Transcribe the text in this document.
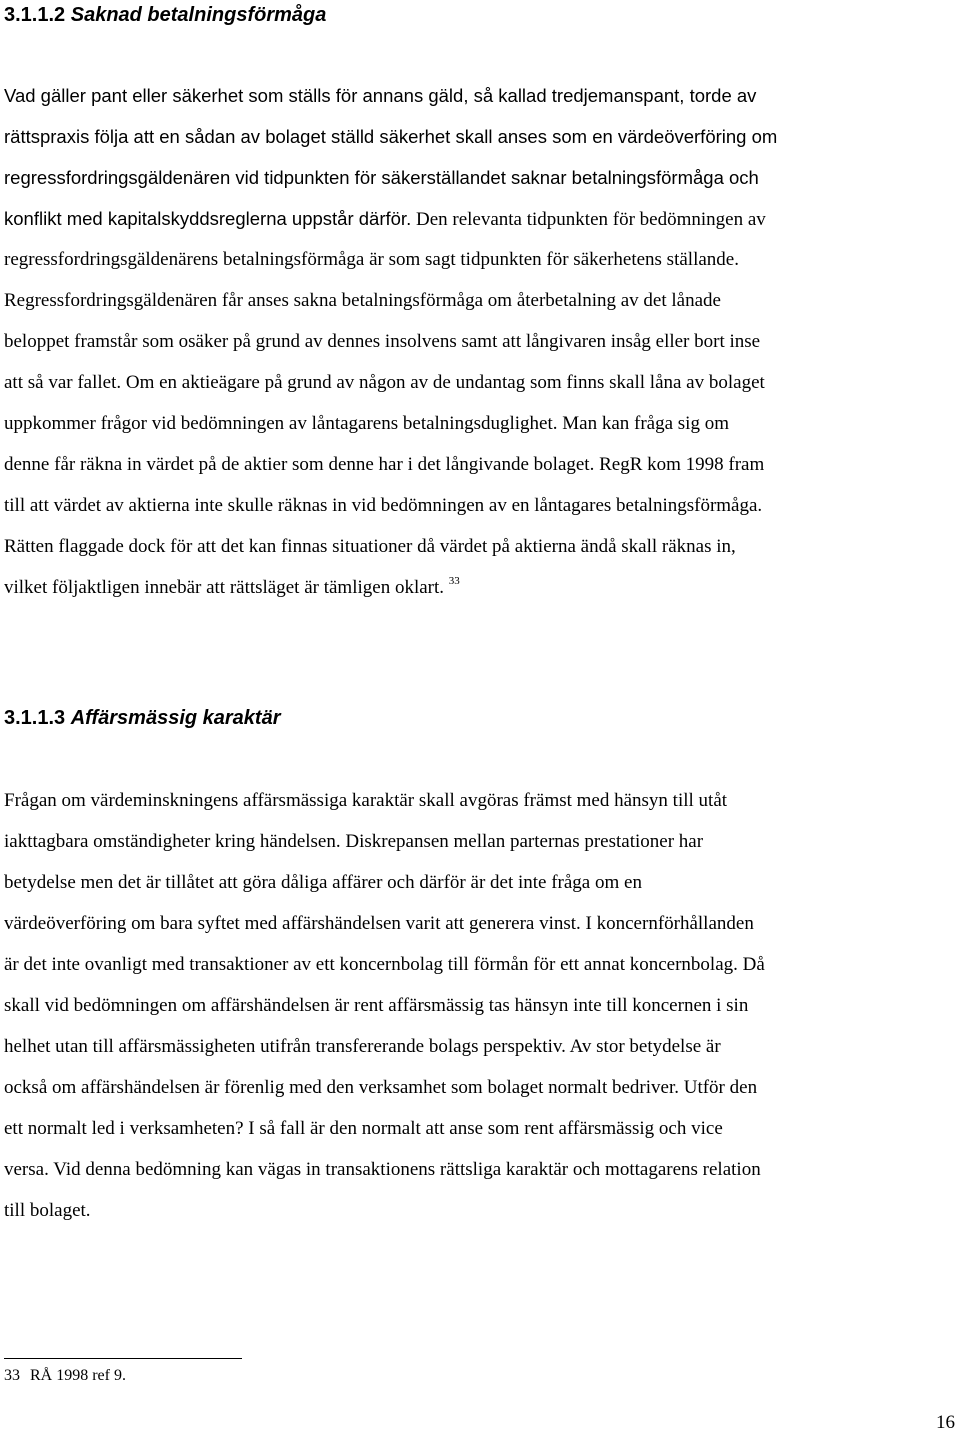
3.1.1.2 Saknad betalningsförmåga
Vad gäller pant eller säkerhet som ställs för annans gäld, så kallad tredjemanspant, torde av
rättspraxis följa att en sådan av bolaget ställd säkerhet skall anses som en värdeöverföring om
regressfordringsgäldenären vid tidpunkten för säkerställandet saknar betalningsförmåga och
konflikt med kapitalskyddsreglerna uppstår därför. Den relevanta tidpunkten för bedömningen av
regressfordringsgäldenärens betalningsförmåga är som sagt tidpunkten för säkerhetens ställande.
Regressfordringsgäldenären får anses sakna betalningsförmåga om återbetalning av det lånade
beloppet framstår som osäker på grund av dennes insolvens samt att långivaren insåg eller bort inse
att så var fallet. Om en aktieägare på grund av någon av de undantag som finns skall låna av bolaget
uppkommer frågor vid bedömningen av låntagarens betalningsduglighet. Man kan fråga sig om
denne får räkna in värdet på de aktier som denne har i det långivande bolaget. RegR kom 1998 fram
till att värdet av aktierna inte skulle räknas in vid bedömningen av en låntagares betalningsförmåga.
Rätten flaggade dock för att det kan finnas situationer då värdet på aktierna ändå skall räknas in,
vilket följaktligen innebär att rättsläget är tämligen oklart. $^{33}$
3.1.1.3 Affärsmässig karaktär
Frågan om värdeminskningens affärsmässiga karaktär skall avgöras främst med hänsyn till utåt
iakttagbara omständigheter kring händelsen. Diskrepansen mellan parternas prestationer har
betydelse men det är tillåtet att göra dåliga affärer och därför är det inte fråga om en
värdeöverföring om bara syftet med affärshändelsen varit att generera vinst. I koncernförhållanden
är det inte ovanligt med transaktioner av ett koncernbolag till förmån för ett annat koncernbolag. Då
skall vid bedömningen om affärshändelsen är rent affärsmässig tas hänsyn inte till koncernen i sin
helhet utan till affärsmässigheten utifrån transfererande bolags perspektiv. Av stor betydelse är
också om affärshändelsen är förenlig med den verksamhet som bolaget normalt bedriver. Utför den
ett normalt led i verksamheten? I så fall är den normalt att anse som rent affärsmässig och vice
versa. Vid denna bedömning kan vägas in transaktionens rättsliga karaktär och mottagarens relation
till bolaget.
33 RÅ 1998 ref 9.
16
